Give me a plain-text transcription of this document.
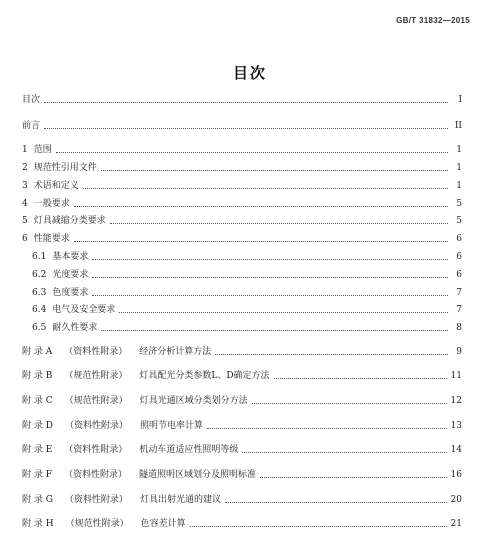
GB/T 31832—2015
目次
目次	I
前言	II
1 范围	1
2 规范性引用文件	1
3 术语和定义	1
4 一般要求	5
5 灯具减缩分类要求	5
6 性能要求	6
6.1 基本要求	6
6.2 光度要求	6
6.3 色度要求	7
6.4 电气及安全要求	7
6.5 耐久性要求	8
附 录 A （资料性附录） 经济分析计算方法	9
附 录 B （规范性附录） 灯具配光分类参数L、D确定方法	11
附 录 C （规范性附录） 灯具光通区域分类划分方法	12
附 录 D （资料性附录） 照明节电率计算	13
附 录 E （资料性附录） 机动车道适应性照明等级	14
附 录 F （资料性附录） 隧道照明区域划分及照明标准	16
附 录 G （资料性附录） 灯具出射光通的建议	20
附 录 H （规范性附录） 色容差计算	21
